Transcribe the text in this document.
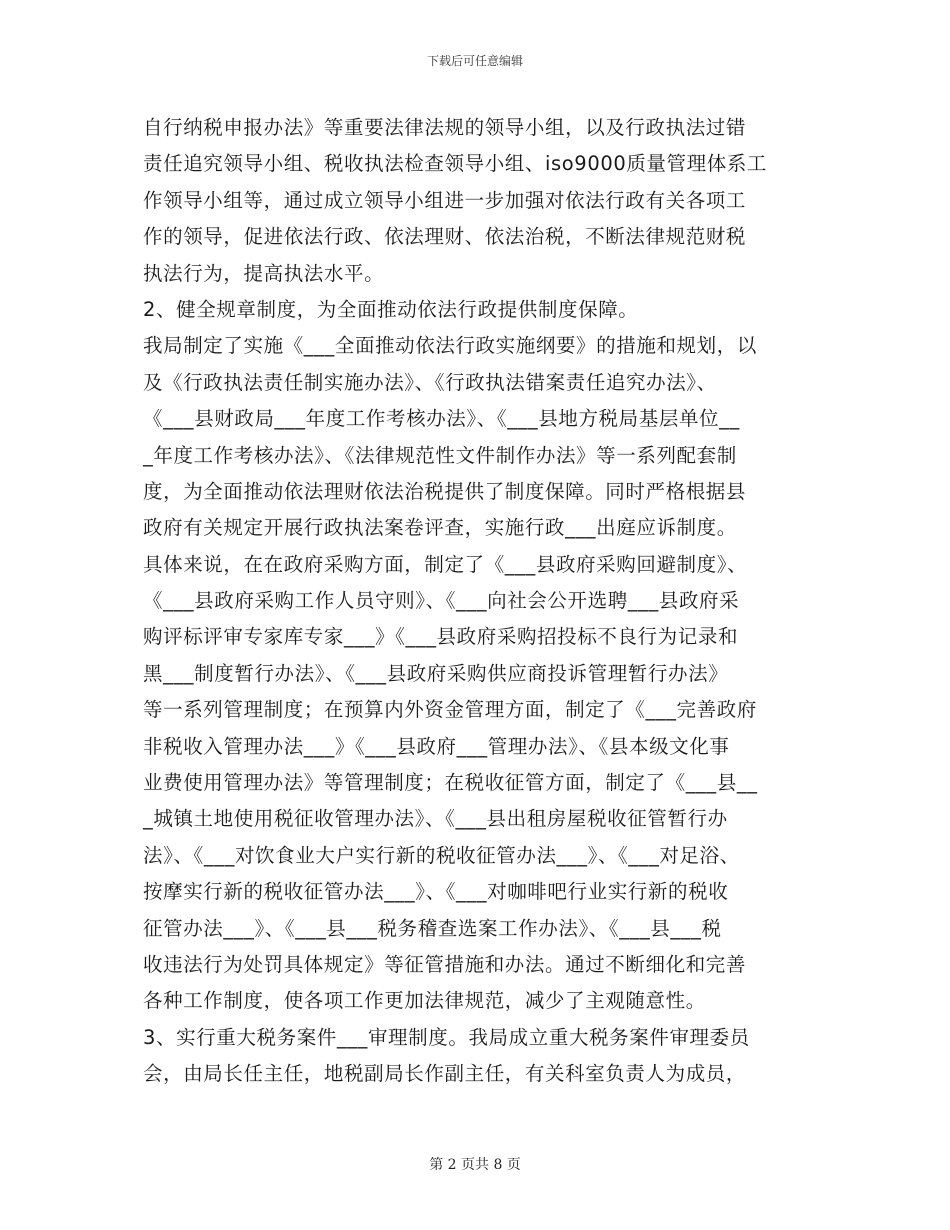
下载后可任意编辑
自行纳税申报办法》等重要法律法规的领导小组，以及行政执法过错
责任追究领导小组、税收执法检查领导小组、iso9000质量管理体系工
作领导小组等，通过成立领导小组进一步加强对依法行政有关各项工
作的领导，促进依法行政、依法理财、依法治税，不断法律规范财税
执法行为，提高执法水平。
2、健全规章制度，为全面推动依法行政提供制度保障。
我局制定了实施《___全面推动依法行政实施纲要》的措施和规划，以
及《行政执法责任制实施办法》、《行政执法错案责任追究办法》、
《___县财政局___年度工作考核办法》、《___县地方税局基层单位__
_年度工作考核办法》、《法律规范性文件制作办法》等一系列配套制
度，为全面推动依法理财依法治税提供了制度保障。同时严格根据县
政府有关规定开展行政执法案卷评查，实施行政___出庭应诉制度。
具体来说，在在政府采购方面，制定了《___县政府采购回避制度》、
《___县政府采购工作人员守则》、《___向社会公开选聘___县政府采
购评标评审专家库专家___》《___县政府采购招投标不良行为记录和
黑___制度暂行办法》、《___县政府采购供应商投诉管理暂行办法》
等一系列管理制度；在预算内外资金管理方面，制定了《___完善政府
非税收入管理办法___》《___县政府___管理办法》、《县本级文化事
业费使用管理办法》等管理制度；在税收征管方面，制定了《___县__
_城镇土地使用税征收管理办法》、《___县出租房屋税收征管暂行办
法》、《___对饮食业大户实行新的税收征管办法___》、《___对足浴、
按摩实行新的税收征管办法___》、《___对咖啡吧行业实行新的税收
征管办法___》、《___县___税务稽查选案工作办法》、《___县___税
收违法行为处罚具体规定》等征管措施和办法。通过不断细化和完善
各种工作制度，使各项工作更加法律规范，减少了主观随意性。
3、实行重大税务案件___审理制度。我局成立重大税务案件审理委员
会，由局长任主任，地税副局长作副主任，有关科室负责人为成员，
第 2 页共 8 页
